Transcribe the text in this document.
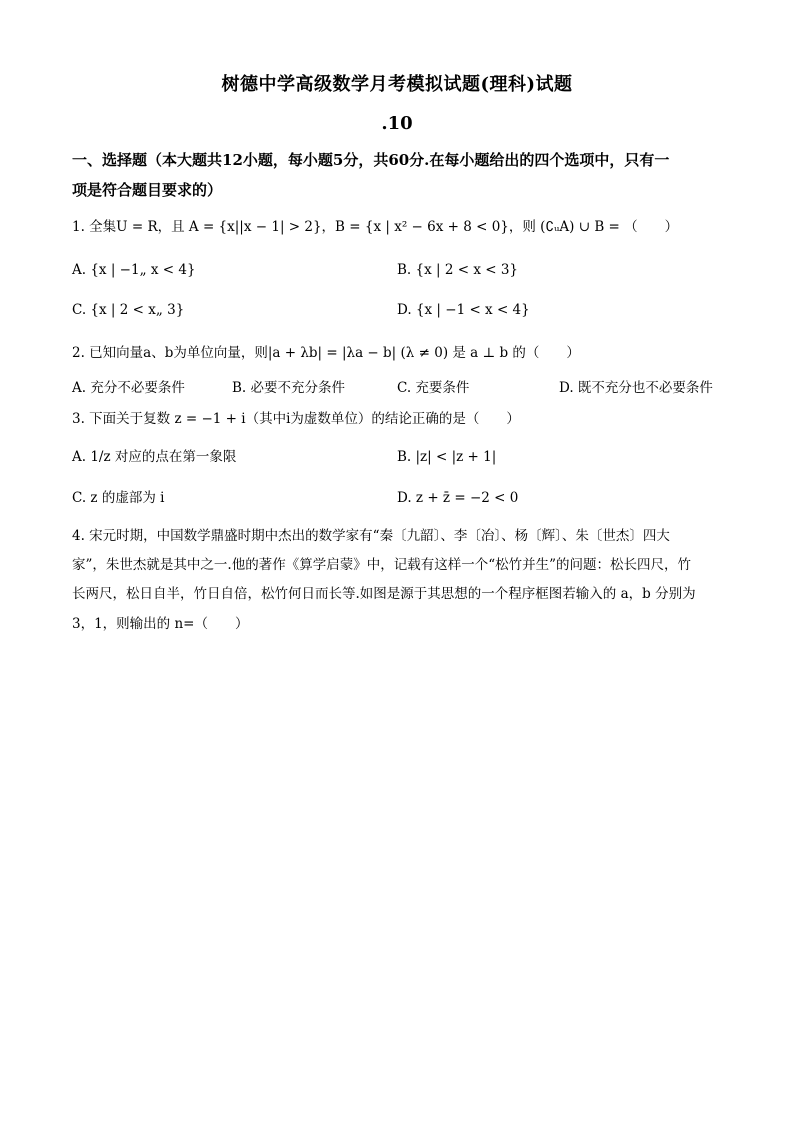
树德中学高级数学月考模拟试题(理科)试题
.10
一、选择题（本大题共12小题，每小题5分，共60分.在每小题给出的四个选项中，只有一
项是符合题目要求的）
1. 全集U = R，且 A = {x||x − 1| > 2}，B = {x | x² − 6x + 8 < 0}，则 (∁ᵤA) ∪ B = （　　）
A. {x | −1„ x < 4}	B. {x | 2 < x < 3}
C. {x | 2 < x„ 3}	D. {x | −1 < x < 4}
2. 已知向量a、b为单位向量，则|a + λb| = |λa − b| (λ ≠ 0) 是 a ⊥ b 的（　　）
A. 充分不必要条件	B. 必要不充分条件	C. 充要条件	D. 既不充分也不必要条件
3. 下面关于复数 z = −1 + i（其中i为虚数单位）的结论正确的是（　　）
A. 1/z 对应的点在第一象限	B. |z| < |z + 1|
C. z 的虚部为 i	D. z + z̄ = −2 < 0
4. 宋元时期，中国数学鼎盛时期中杰出的数学家有“秦〔九韶〕、李〔冶〕、杨〔辉〕、朱〔世杰〕四大
家”，朱世杰就是其中之一.他的著作《算学启蒙》中，记载有这样一个“松竹并生”的问题：松长四尺，竹
长两尺，松日自半，竹日自倍，松竹何日而长等.如图是源于其思想的一个程序框图若输入的 a，b 分别为
3，1，则输出的 n=（　　）
